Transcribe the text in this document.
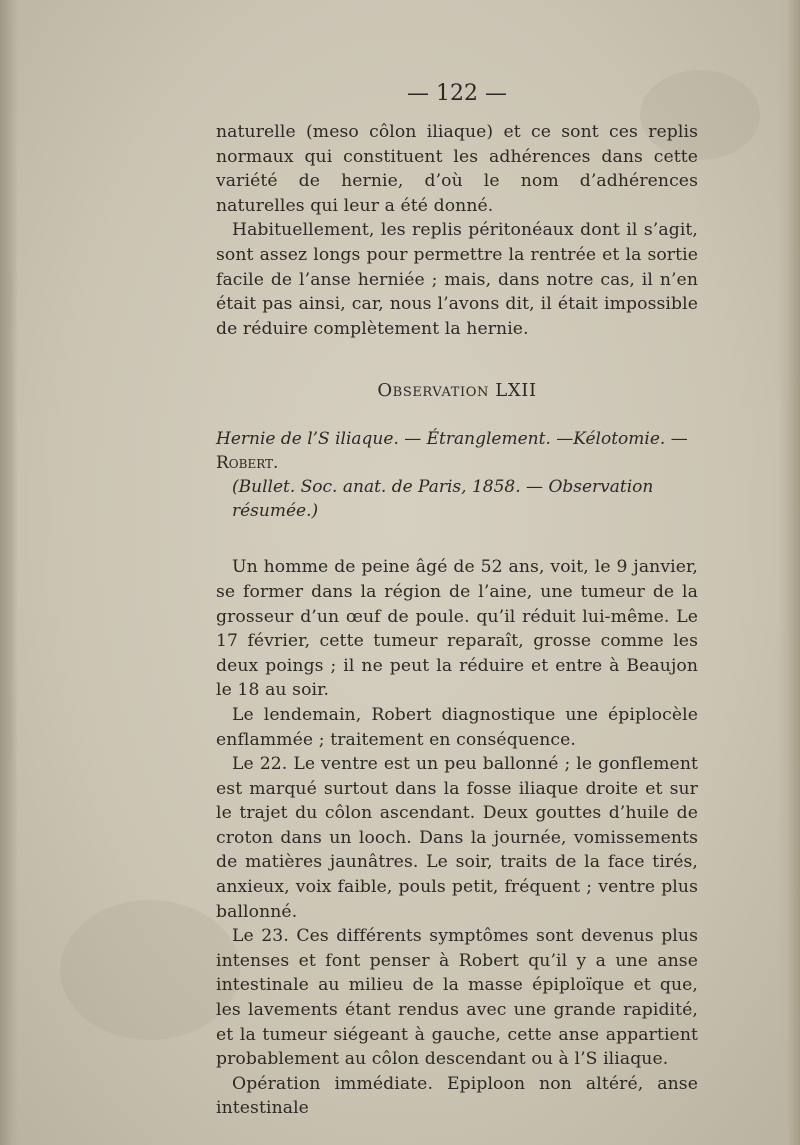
— 122 —

naturelle (meso côlon iliaque) et ce sont ces replis normaux qui constituent les adhérences dans cette variété de hernie, d’où le nom d’adhérences naturelles qui leur a été donné.

Habituellement, les replis péritonéaux dont il s’agit, sont assez longs pour permettre la rentrée et la sortie facile de l’anse herniée ; mais, dans notre cas, il n’en était pas ainsi, car, nous l’avons dit, il était impossible de réduire complètement la hernie.

Observation LXII
Hernie de l’S iliaque. — Étranglement. —Kélotomie. — Robert.
(Bullet. Soc. anat. de Paris, 1858. — Observation résumée.)

Un homme de peine âgé de 52 ans, voit, le 9 janvier, se former dans la région de l’aine, une tumeur de la grosseur d’un œuf de poule. qu’il réduit lui-même. Le 17 février, cette tumeur reparaît, grosse comme les deux poings ; il ne peut la réduire et entre à Beaujon le 18 au soir.

Le lendemain, Robert diagnostique une épiplocèle enflammée ; traitement en conséquence.

Le 22. Le ventre est un peu ballonné ; le gonflement est marqué surtout dans la fosse iliaque droite et sur le trajet du côlon ascendant. Deux gouttes d’huile de croton dans un looch. Dans la journée, vomissements de matières jaunâtres. Le soir, traits de la face tirés, anxieux, voix faible, pouls petit, fréquent ; ventre plus ballonné.

Le 23. Ces différents symptômes sont devenus plus intenses et font penser à Robert qu’il y a une anse intestinale au milieu de la masse épiploïque et que, les lavements étant rendus avec une grande rapidité, et la tumeur siégeant à gauche, cette anse appartient probablement au côlon descendant ou à l’S iliaque.

Opération immédiate. Epiploon non altéré, anse intestinale
